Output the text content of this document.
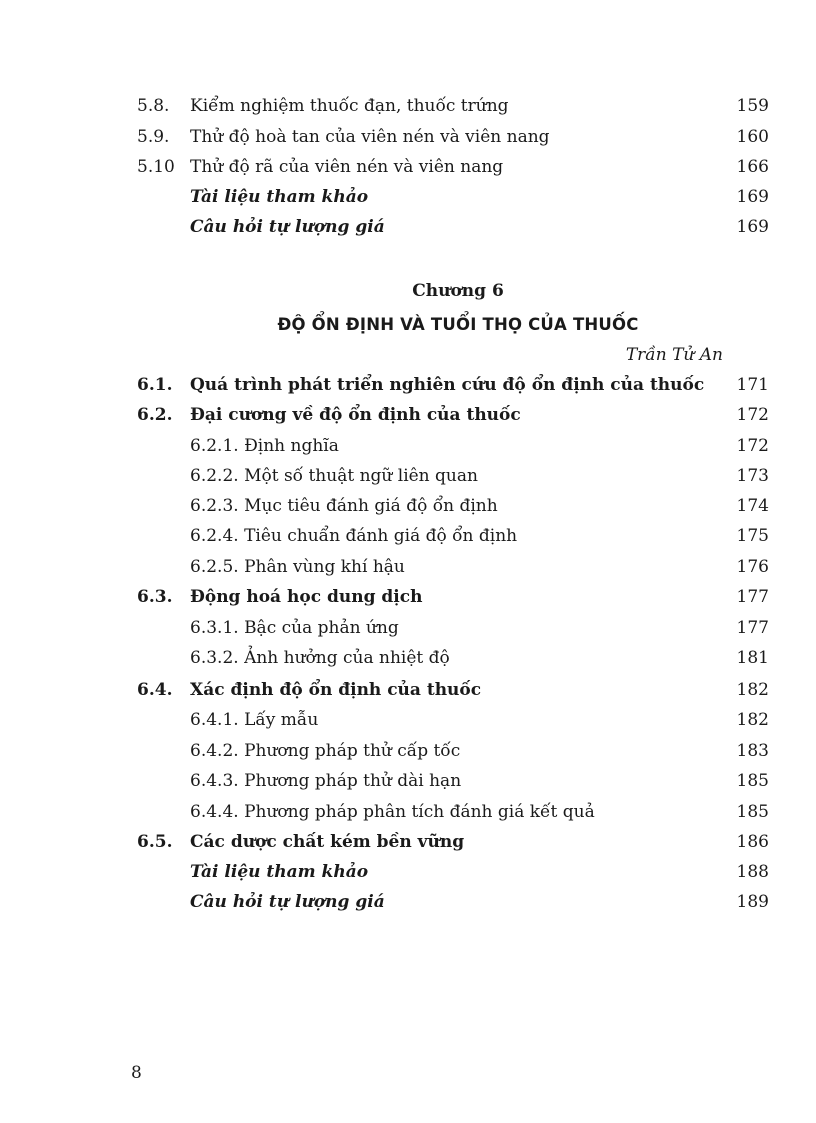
5.8. Kiểm nghiệm thuốc đạn, thuốc trứng	159
5.9. Thử độ hoà tan của viên nén và viên nang	160
5.10 Thử độ rã của viên nén và viên nang	166
Tài liệu tham khảo	169
Câu hỏi tự lượng giá	169
Chương 6
ĐỘ ỔN ĐỊNH VÀ TUỔI THỌ CỦA THUỐC
Trần Tử An
6.1. Quá trình phát triển nghiên cứu độ ổn định của thuốc 171
6.2. Đại cương về độ ổn định của thuốc	172
6.2.1. Định nghĩa	172
6.2.2. Một số thuật ngữ liên quan	173
6.2.3. Mục tiêu đánh giá độ ổn định	174
6.2.4. Tiêu chuẩn đánh giá độ ổn định	175
6.2.5. Phân vùng khí hậu	176
6.3. Động hoá học dung dịch	177
6.3.1. Bậc của phản ứng	177
6.3.2. Ảnh hưởng của nhiệt độ	181
6.4. Xác định độ ổn định của thuốc	182
6.4.1. Lấy mẫu	182
6.4.2. Phương pháp thử cấp tốc	183
6.4.3. Phương pháp thử dài hạn	185
6.4.4. Phương pháp phân tích đánh giá kết quả	185
6.5. Các dược chất kém bền vững	186
Tài liệu tham khảo	188
Câu hỏi tự lượng giá	189
8
